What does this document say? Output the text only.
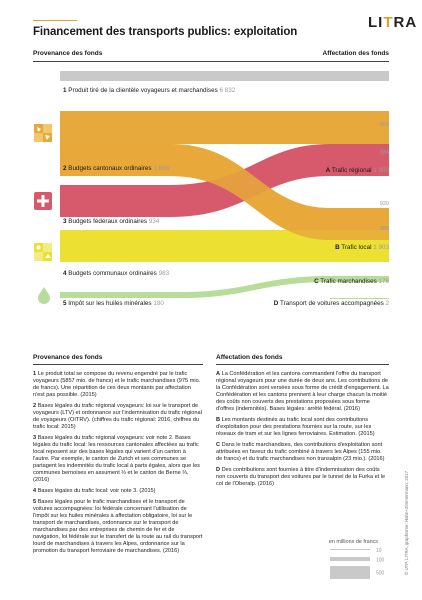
Financement des transports publics: exploitation
LITRA
Provenance des fonds	Affectation des fonds
1 Produit tiré de la clientèle voyageurs et marchandises 6 832
2 Budgets cantonaux ordinaires 1 886
3 Budgets fédéraux ordinaires 934
4 Budgets communaux ordinaires 983
5 Impôt sur les huiles minérales 180
A Trafic régional 1 900
B Trafic local 1 903
C Trafic marchandises 178
D Transport de voitures accompagnées 2
966
934
920
983
Provenance des fonds	Affectation des fonds
1 Le produit total se compose du revenu engendré par le trafic voyageurs (5857 mio. de francs) et le trafic marchandises (975 mio. de francs). Une répartition de ces deux montants par affectation n'est pas possible. (2015)
2 Bases légales du trafic régional voyageurs: loi sur le transport de voyageurs (LTV) et ordonnance sur l'indemnisation du trafic régional de voyageurs (OITRV). (chiffres du trafic régional: 2016, chiffres du trafic local: 2015)
3 Bases légales du trafic régional voyageurs: voir note 2. Bases légales du trafic local: les ressources cantonales affectées au trafic local reposent sur des bases légales qui varient d'un canton à l'autre. Par exemple, le canton de Zurich et ses communes se partagent les indemnités du trafic local à parts égales, alors que les communes bernoises en assument ⅓ et le canton de Berne ⅔. (2016)
4 Bases légales du trafic local: voir note 3. (2015)
5 Bases légales pour le trafic marchandises et le transport de voitures accompagnées: loi fédérale concernant l'utilisation de l'impôt sur les huiles minérales à affectation obligatoire, loi sur le transport de marchandises, ordonnance sur le transport de marchandises par des entreprises de chemin de fer et de navigation, loi fédérale sur le transfert de la route au rail du transport lourd de marchandises à travers les Alpes, ordonnance sur la promotion du transport ferroviaire de marchandises. (2016)
A La Confédération et les cantons commandent l'offre du transport régional voyageurs pour une durée de deux ans. Les contributions de la Confédération sont versées sous forme de crédit d'engagement. La Confédération et les cantons prennent à leur charge chacun la moitié des coûts non couverts des prestations proposées sous forme d'offres (indemnités). Bases légales: arrêté fédéral. (2016)
B Les montants destinés au trafic local sont des contributions d'exploitation pour des prestations fournies sur la route, sur les réseaux de tram et sur les lignes ferroviaires. Estimation. (2015)
C Dans le trafic marchandises, des contributions d'exploitation sont attribuées en faveur du trafic combiné à travers les Alpes (155 mio. de francs) et du trafic marchandises non transalpin (23 mio.). (2016)
D Des contributions sont fournies à titre d'indemnisation des coûts non couverts du transport des voitures par le tunnel de la Furka et le col de l'Oberalp. (2016)
en millions de francs
10
100
500	© UTP, LITRA, graphisme: Hahn+Zimmermann; 2017
